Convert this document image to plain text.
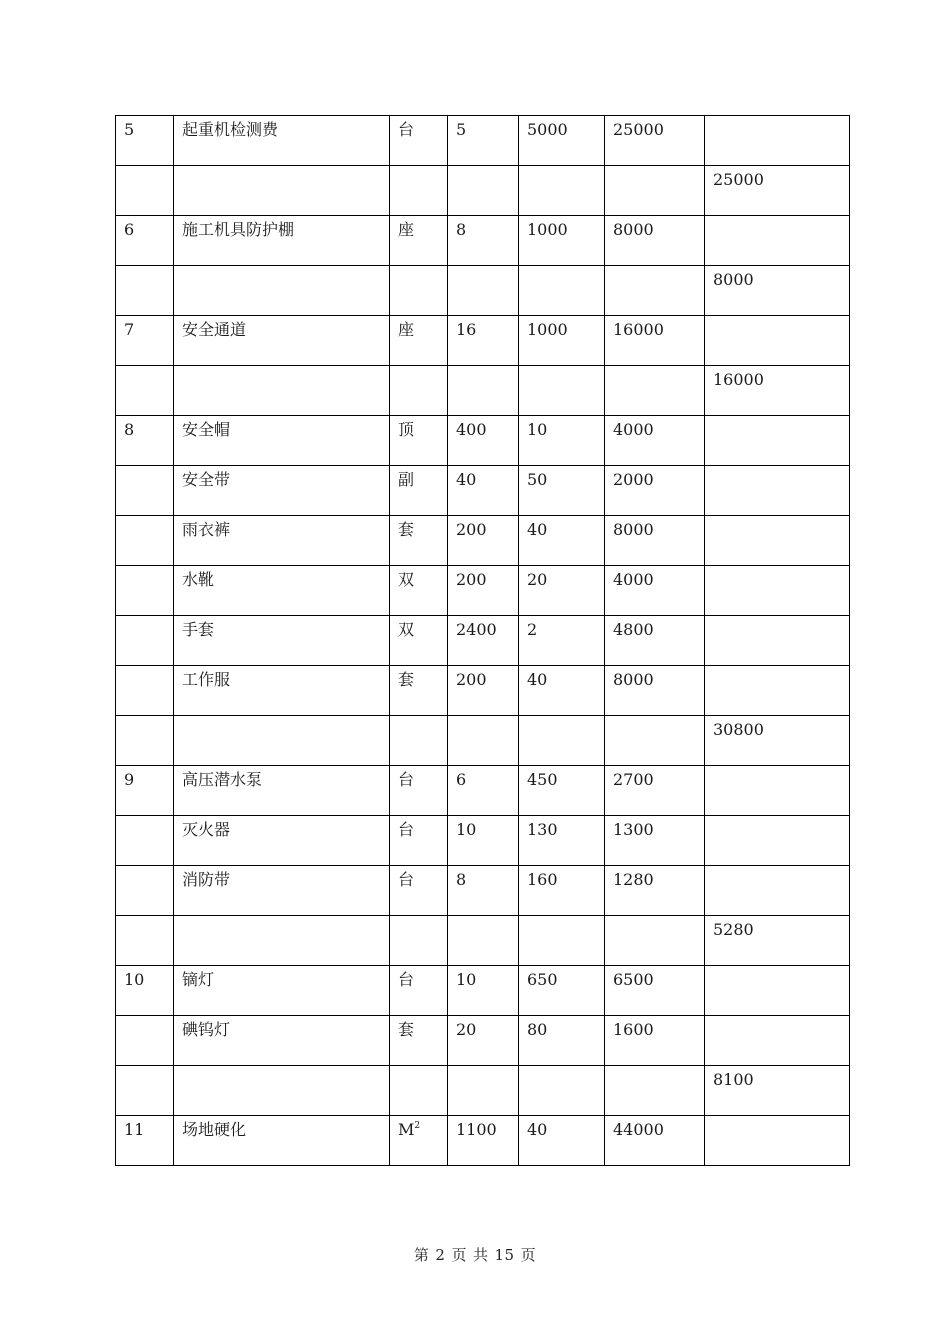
5	起重机检测费	台	5	5000	25000	
						25000
6	施工机具防护棚	座	8	1000	8000	
						8000
7	安全通道	座	16	1000	16000	
						16000
8	安全帽	顶	400	10	4000	
	安全带	副	40	50	2000	
	雨衣裤	套	200	40	8000	
	水靴	双	200	20	4000	
	手套	双	2400	2	4800	
	工作服	套	200	40	8000	
						30800
9	高压潜水泵	台	6	450	2700	
	灭火器	台	10	130	1300	
	消防带	台	8	160	1280	
						5280
10	镝灯	台	10	650	6500	
	碘钨灯	套	20	80	1600	
						8100
11	场地硬化	$M^2$	1100	40	44000	
第 2 页 共 15 页
